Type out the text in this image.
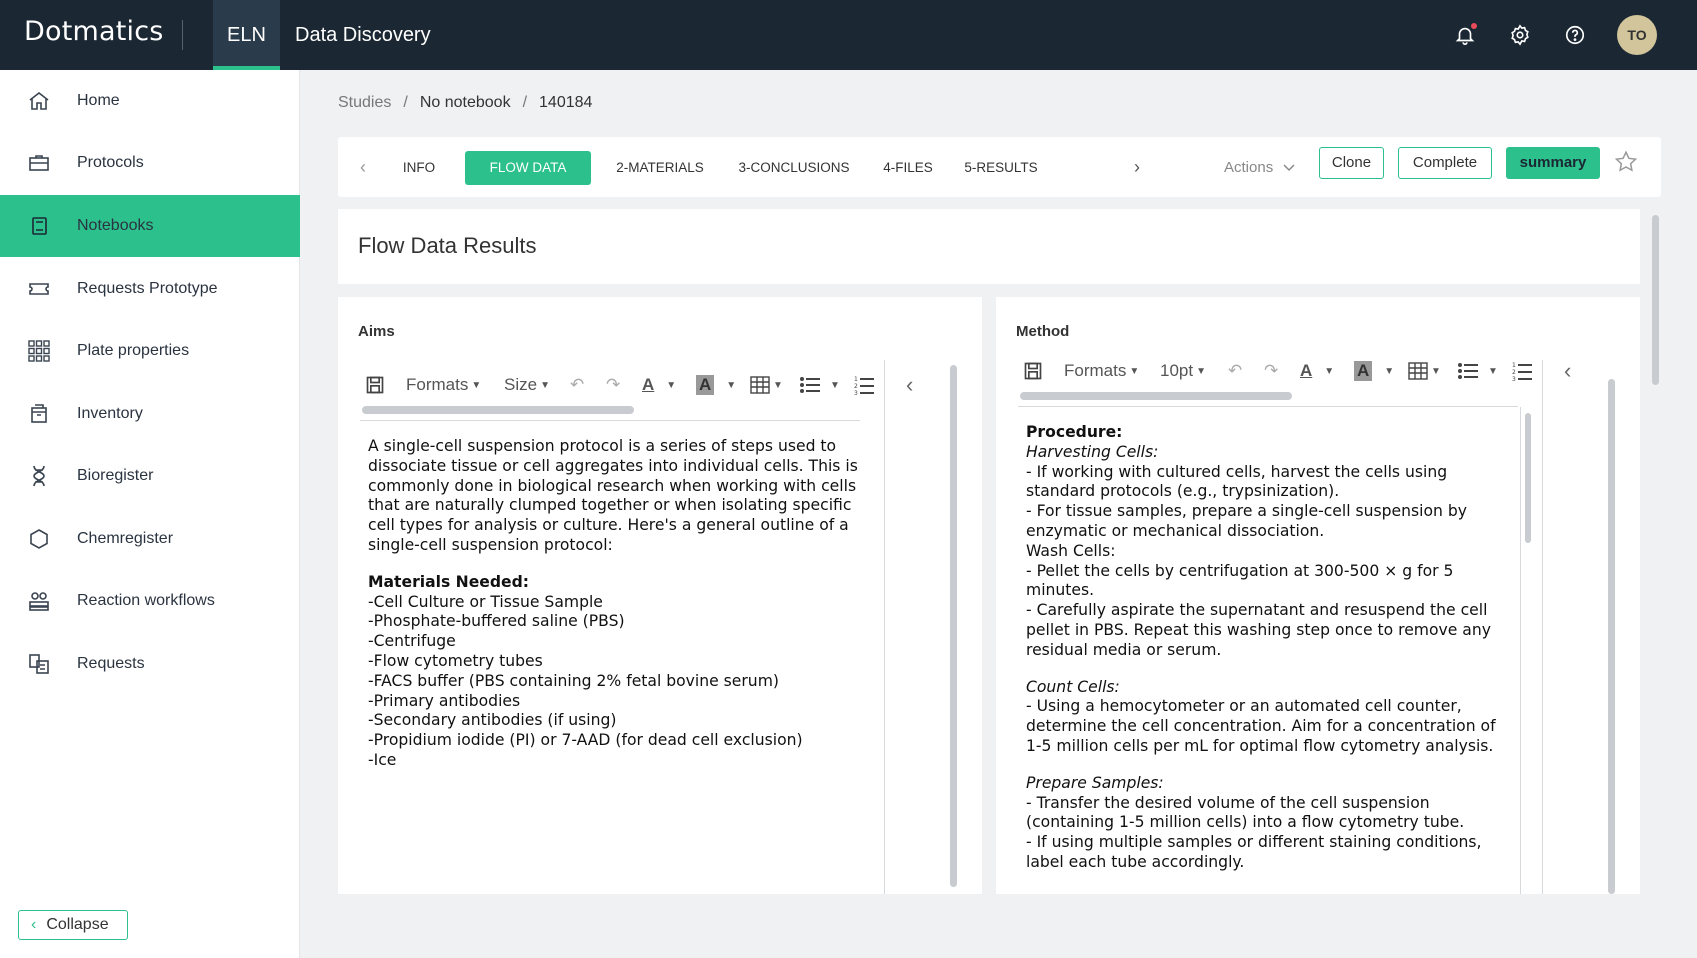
Dotmatics	ELN	Data Discovery	TO
Home
Protocols
Notebooks
Requests Prototype
Plate properties
Inventory
Bioregister
Chemregister
Reaction workflows
Requests
‹ Collapse
Studies / No notebook / 140184
‹	INFO	FLOW DATA	2-MATERIALS	3-CONCLUSIONS	4-FILES	5-RESULTS	›	Actions	Clone	Complete	summary
Flow Data Results
Aims
Formats ▼ Size ▼ ↶ ↷ A ▼ A	▼	▼	▼ 1
2
3 ‹

A single-cell suspension protocol is a series of steps used to dissociate tissue or cell aggregates into individual cells. This is commonly done in biological research when working with cells that are naturally clumped together or when isolating specific cell types for analysis or culture. Here's a general outline of a single-cell suspension protocol:

Materials Needed:

-Cell Culture or Tissue Sample

-Phosphate-buffered saline (PBS)

-Centrifuge

-Flow cytometry tubes

-FACS buffer (PBS containing 2% fetal bovine serum)

-Primary antibodies

-Secondary antibodies (if using)

-Propidium iodide (PI) or 7-AAD (for dead cell exclusion)

-Ice

Method
Formats ▼ 10pt ▼ ↶ ↷ A ▼ A	▼	▼	▼ 1
2
3 ‹

Procedure:

Harvesting Cells:

- If working with cultured cells, harvest the cells using standard protocols (e.g., trypsinization).

- For tissue samples, prepare a single-cell suspension by enzymatic or mechanical dissociation.

Wash Cells:

- Pellet the cells by centrifugation at 300-500 × g for 5 minutes.

- Carefully aspirate the supernatant and resuspend the cell pellet in PBS. Repeat this washing step once to remove any residual media or serum.

Count Cells:

- Using a hemocytometer or an automated cell counter, determine the cell concentration. Aim for a concentration of 1-5 million cells per mL for optimal flow cytometry analysis.

Prepare Samples:

- Transfer the desired volume of the cell suspension (containing 1-5 million cells) into a flow cytometry tube.

- If using multiple samples or different staining conditions, label each tube accordingly.
